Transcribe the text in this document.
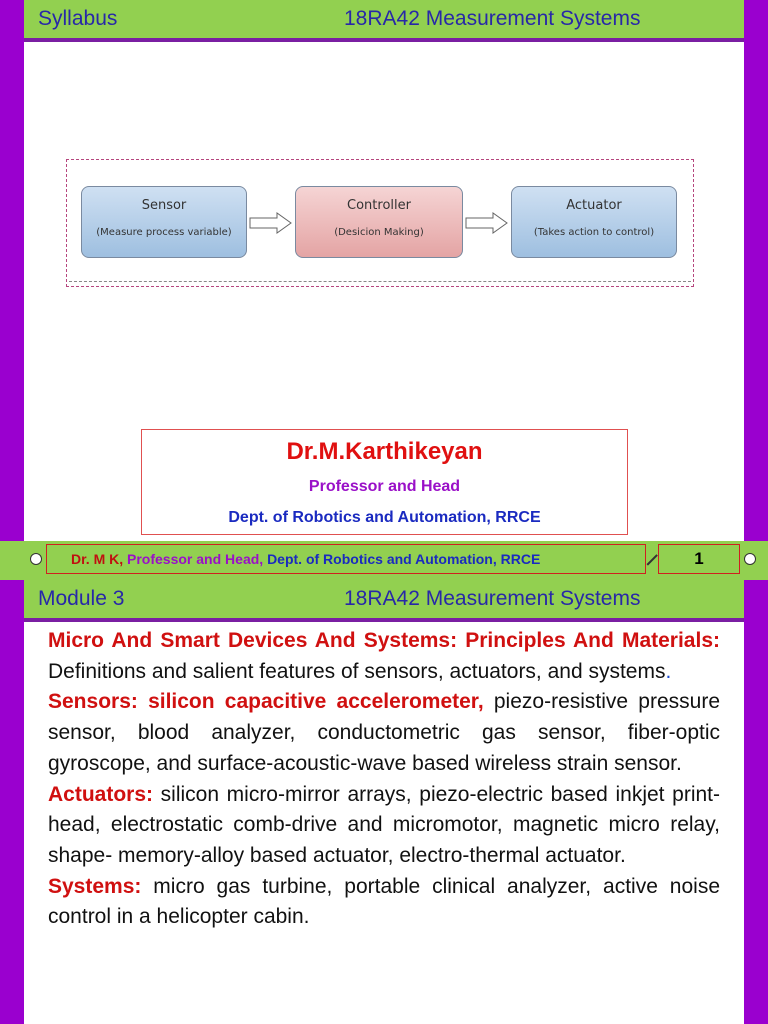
Syllabus	18RA42 Measurement Systems
Sensor
(Measure process variable)
Controller
(Desicion Making)
Actuator
(Takes action to control)
Dr.M.Karthikeyan
Professor and Head
Dept. of Robotics and Automation, RRCE
Dr. M K, Professor and Head, Dept. of Robotics and Automation, RRCE	1
Module 3	18RA42 Measurement Systems

Micro And Smart Devices And Systems: Principles And Materials: Definitions and salient features of sensors, actuators, and systems.

Sensors: silicon capacitive accelerometer, piezo-resistive pressure sensor, blood analyzer, conductometric gas sensor, fiber-optic gyroscope, and surface-acoustic-wave based wireless strain sensor.

Actuators: silicon micro-mirror arrays, piezo-electric based inkjet print-head, electrostatic comb-drive and micromotor, magnetic micro relay, shape- memory-alloy based actuator, electro-thermal actuator.

Systems: micro gas turbine, portable clinical analyzer, active noise control in a helicopter cabin.
